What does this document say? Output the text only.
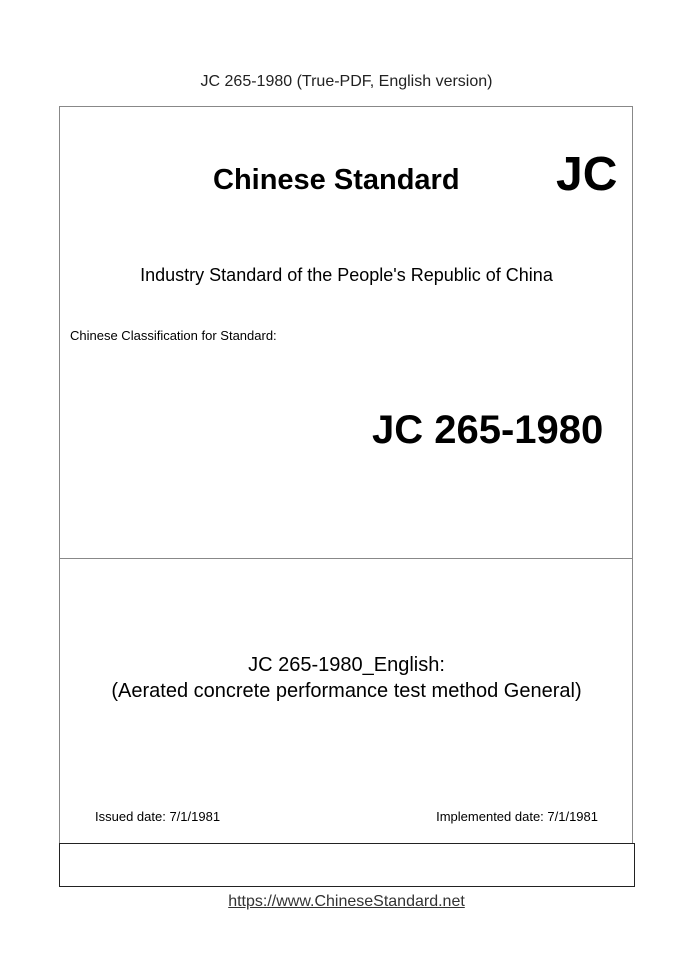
JC 265-1980 (True-PDF, English version)
Chinese Standard JC
Industry Standard of the People's Republic of China
Chinese Classification for Standard:
JC 265-1980
JC 265-1980_English:
(Aerated concrete performance test method General)
Issued date: 7/1/1981	Implemented date: 7/1/1981
https://www.ChineseStandard.net
